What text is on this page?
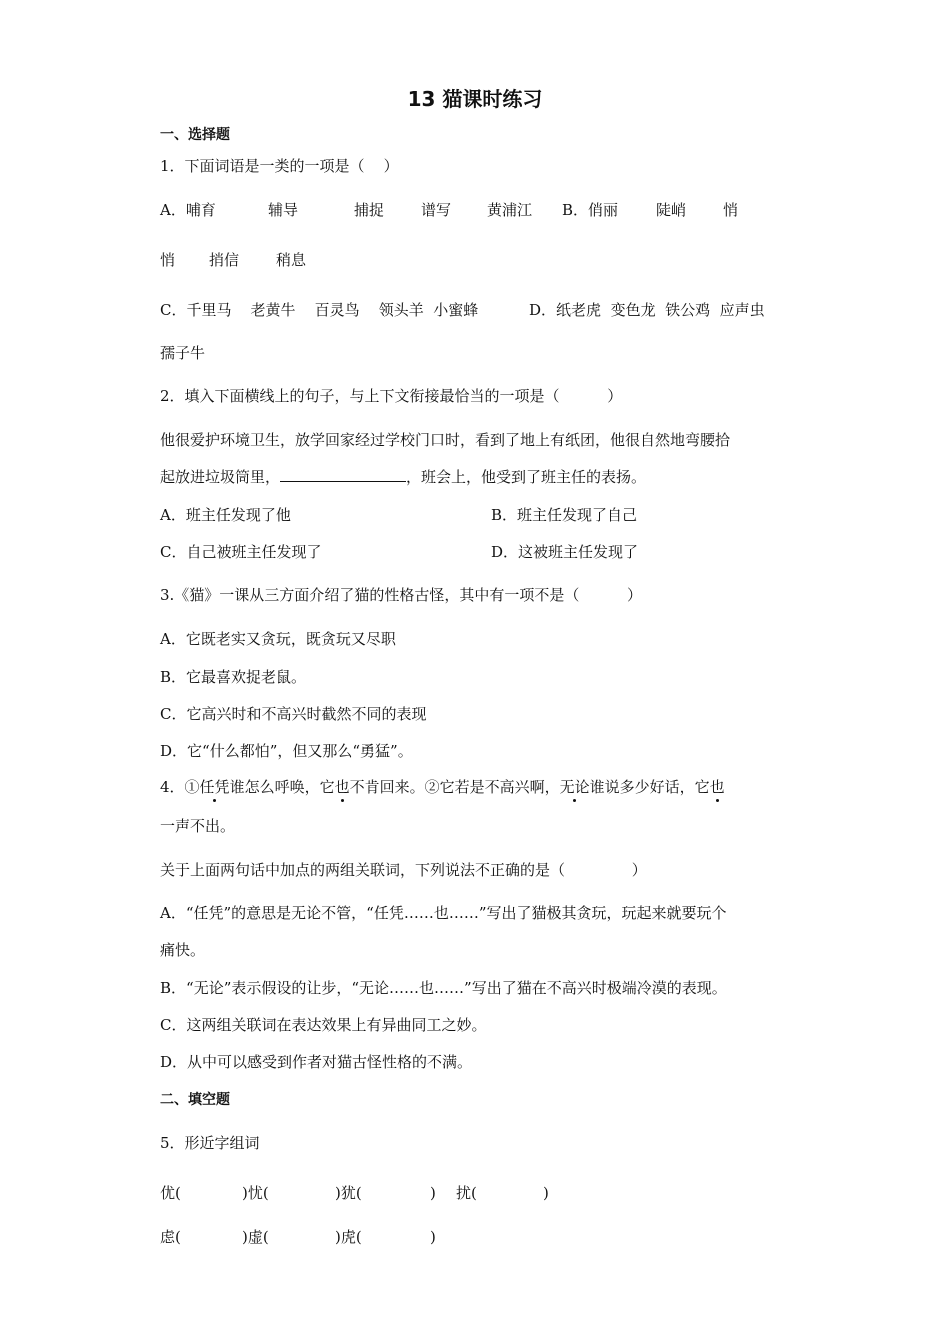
13 猫课时练习
一、选择题
1．下面词语是一类的一项是（    ）
A．哺育	辅导	捕捉 谱写 黄浦江 B．俏丽	陡峭 悄
悄 捎信 稍息
C．千里马    老黄牛    百灵鸟    领头羊  小蜜蜂	D．纸老虎  变色龙  铁公鸡  应声虫
孺子牛
2．填入下面横线上的句子，与上下文衔接最恰当的一项是（          ）
他很爱护环境卫生，放学回家经过学校门口时，看到了地上有纸团，他很自然地弯腰拾
起放进垃圾筒里，	，班会上，他受到了班主任的表扬。
A．班主任发现了他	B．班主任发现了自己
C．自己被班主任发现了	D．这被班主任发现了
3.《猫》一课从三方面介绍了猫的性格古怪，其中有一项不是（          ）
A．它既老实又贪玩，既贪玩又尽职
B．它最喜欢捉老鼠。
C．它高兴时和不高兴时截然不同的表现
D．它“什么都怕”，但又那么“勇猛”。
4．①任凭谁怎么呼唤，它也不肯回来。②它若是不高兴啊，无论谁说多少好话，它也
一声不出。
关于上面两句话中加点的两组关联词，下列说法不正确的是（              ）
A．“任凭”的意思是无论不管，“任凭……也……”写出了猫极其贪玩，玩起来就要玩个
痛快。
B．“无论”表示假设的让步，“无论……也……”写出了猫在不高兴时极端冷漠的表现。
C．这两组关联词在表达效果上有异曲同工之妙。
D．从中可以感受到作者对猫古怪性格的不满。
二、填空题
5．形近字组词
优(	)忧(	)犹(	) 扰(	)
虑(	)虚(	)虎(	)
